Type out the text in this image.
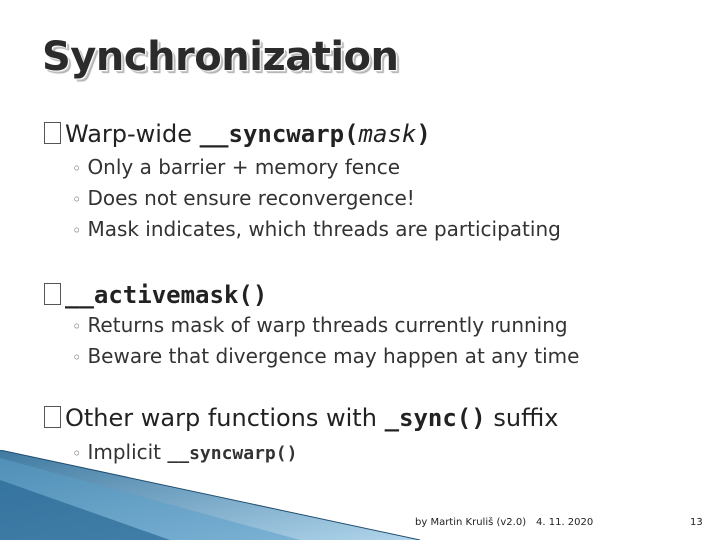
Synchronization
Warp-wide __syncwarp(mask)
◦ Only a barrier + memory fence
◦ Does not ensure reconvergence!
◦ Mask indicates, which threads are participating
__activemask()
◦ Returns mask of warp threads currently running
◦ Beware that divergence may happen at any time
Other warp functions with _sync() suffix
◦ Implicit __syncwarp()
by Martin Kruliš (v2.0) 4. 11. 2020	13
